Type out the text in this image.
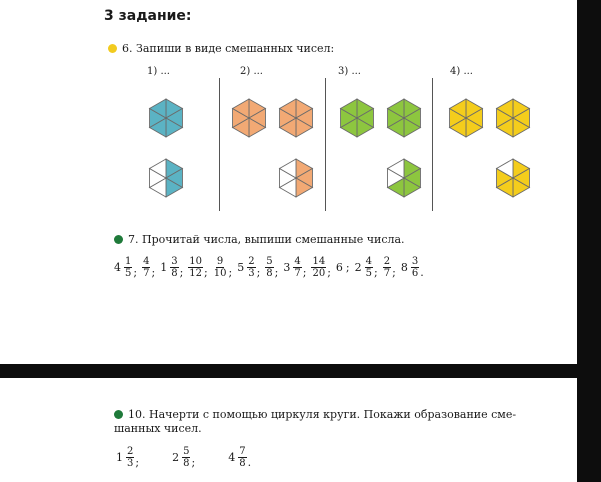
3 задание:
6. Запиши в виде смешанных чисел:
1) ...	2) ...	3) ...	4) ...
7. Прочитай числа, выпиши смешанные числа.
$4 \frac{1}{5}$ ; $\frac{4}{7}$ ; $1 \frac{3}{8}$ ; $\frac{10}{12}$ ; $\frac{9}{10}$ ; $5 \frac{2}{3}$ ; $\frac{5}{8}$ ; $3 \frac{4}{7}$ ; $\frac{14}{20}$ ; 6 ; $2 \frac{4}{5}$ ; $\frac{2}{7}$ ; $8 \frac{3}{6}$ .
10. Начерти с помощью циркуля круги. Покажи образование сме-
шанных чисел.
$1 \frac{2}{3}$ ;	$2 \frac{5}{8}$ ;	$4 \frac{7}{8}$ .
